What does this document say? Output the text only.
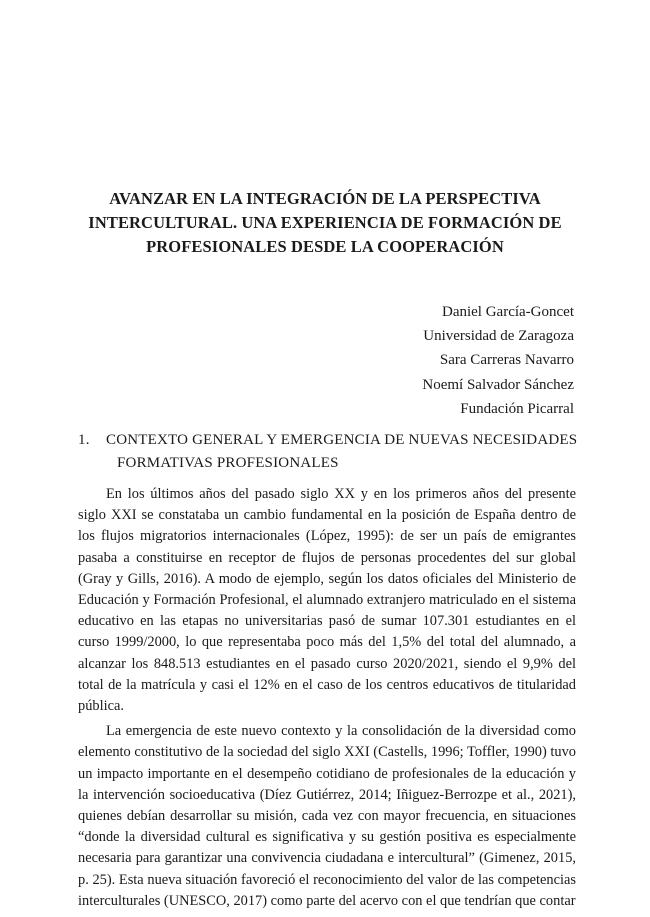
AVANZAR EN LA INTEGRACIÓN DE LA PERSPECTIVA
INTERCULTURAL. UNA EXPERIENCIA DE FORMACIÓN DE
PROFESIONALES DESDE LA COOPERACIÓN
Daniel García-Goncet
Universidad de Zaragoza
Sara Carreras Navarro
Noemí Salvador Sánchez
Fundación Picarral
1. CONTEXTO GENERAL Y EMERGENCIA DE NUEVAS NECESIDADES
FORMATIVAS PROFESIONALES

En los últimos años del pasado siglo XX y en los primeros años del presente siglo XXI se constataba un cambio fundamental en la posición de España dentro de los flujos migratorios internacionales (López, 1995): de ser un país de emigrantes pasaba a constituirse en receptor de flujos de personas procedentes del sur global (Gray y Gills, 2016). A modo de ejemplo, según los datos oficiales del Ministerio de Educación y Formación Profesional, el alumnado extranjero matriculado en el sistema educativo en las etapas no universitarias pasó de sumar 107.301 estudiantes en el curso 1999/2000, lo que representaba poco más del 1,5% del total del alumnado, a alcanzar los 848.513 estudiantes en el pasado curso 2020/2021, siendo el 9,9% del total de la matrícula y casi el 12% en el caso de los centros educativos de titularidad pública.

La emergencia de este nuevo contexto y la consolidación de la diversidad como elemento constitutivo de la sociedad del siglo XXI (Castells, 1996; Toffler, 1990) tuvo un impacto importante en el desempeño cotidiano de profesionales de la educación y la intervención socioeducativa (Díez Gutiérrez, 2014; Iñiguez-Berrozpe et al., 2021), quienes debían desarrollar su misión, cada vez con mayor frecuencia, en situaciones “donde la diversidad cultural es significativa y su gestión positiva es especialmente necesaria para garantizar una convivencia ciudadana e intercultural” (Gimenez, 2015, p. 25). Esta nueva situación favoreció el reconocimiento del valor de las competencias interculturales (UNESCO, 2017) como parte del acervo con el que tendrían que contar
